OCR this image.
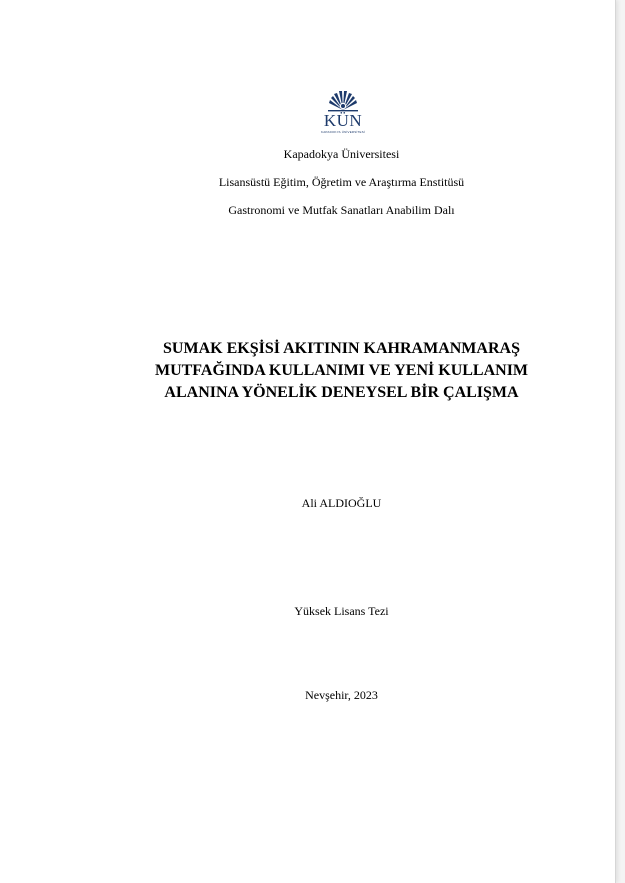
KÜN
KAPADOKYA ÜNİVERSİTESİ
Kapadokya Üniversitesi
Lisansüstü Eğitim, Öğretim ve Araştırma Enstitüsü
Gastronomi ve Mutfak Sanatları Anabilim Dalı
SUMAK EKŞİSİ AKITININ KAHRAMANMARAŞ
MUTFAĞINDA KULLANIMI VE YENİ KULLANIM
ALANINA YÖNELİK DENEYSEL BİR ÇALIŞMA
Ali ALDIOĞLU
Yüksek Lisans Tezi
Nevşehir, 2023
